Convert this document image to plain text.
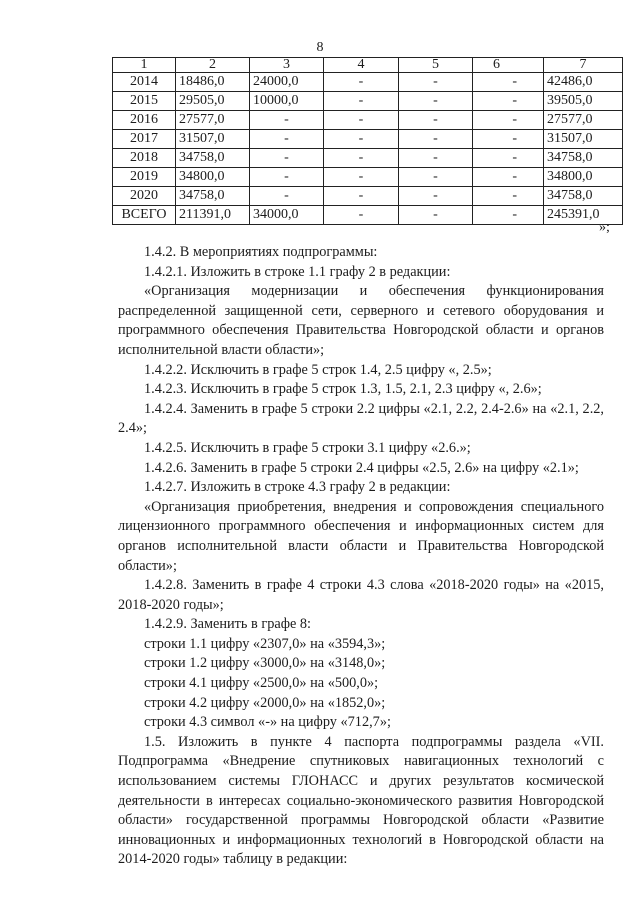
8
1	2	3	4	5	6	7
2014	18486,0	24000,0	-	-	-	42486,0
2015	29505,0	10000,0	-	-	-	39505,0
2016	27577,0	-	-	-	-	27577,0
2017	31507,0	-	-	-	-	31507,0
2018	34758,0	-	-	-	-	34758,0
2019	34800,0	-	-	-	-	34800,0
2020	34758,0	-	-	-	-	34758,0
ВСЕГО	211391,0	34000,0	-	-	-	245391,0
»;

1.4.2. В мероприятиях подпрограммы:

1.4.2.1. Изложить в строке 1.1 графу 2 в редакции:

«Организация модернизации и обеспечения функционирования распределенной защищенной сети, серверного и сетевого оборудования и программного обеспечения Правительства Новгородской области и органов исполнительной власти области»;

1.4.2.2. Исключить в графе 5 строк 1.4, 2.5 цифру «, 2.5»;

1.4.2.3. Исключить в графе 5 строк 1.3, 1.5, 2.1, 2.3 цифру «, 2.6»;

1.4.2.4. Заменить в графе 5 строки 2.2 цифры «2.1, 2.2, 2.4-2.6» на «2.1, 2.2, 2.4»;

1.4.2.5. Исключить в графе 5 строки 3.1 цифру «2.6.»;

1.4.2.6. Заменить в графе 5 строки 2.4 цифры «2.5, 2.6» на цифру «2.1»;

1.4.2.7. Изложить в строке 4.3 графу 2 в редакции:

«Организация приобретения, внедрения и сопровождения специального лицензионного программного обеспечения и информационных систем для органов исполнительной власти области и Правительства Новгородской области»;

1.4.2.8. Заменить в графе 4 строки 4.3 слова «2018-2020 годы» на «2015, 2018-2020 годы»;

1.4.2.9. Заменить в графе 8:

строки 1.1 цифру «2307,0» на «3594,3»;

строки 1.2 цифру «3000,0» на «3148,0»;

строки 4.1 цифру «2500,0» на «500,0»;

строки 4.2 цифру «2000,0» на «1852,0»;

строки 4.3 символ «-» на цифру «712,7»;

1.5. Изложить в пункте 4 паспорта подпрограммы раздела «VII. Подпрограмма «Внедрение спутниковых навигационных технологий с использованием системы ГЛОНАСС и других результатов космической деятельности в интересах социально-экономического развития Новгородской области» государственной программы Новгородской области «Развитие инновационных и информационных технологий в Новгородской области на 2014-2020 годы» таблицу в редакции:
